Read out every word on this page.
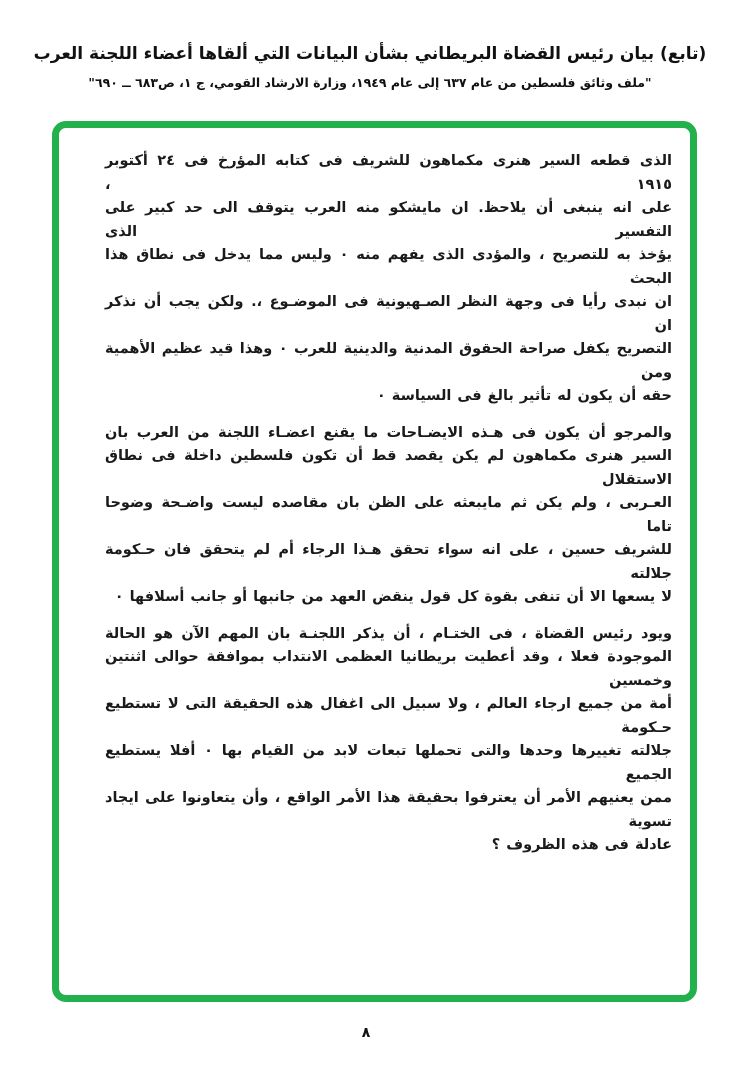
(تابع) بيان رئيس القضاة البريطاني بشأن البيانات التي ألقاها أعضاء اللجنة العرب
"ملف وثائق فلسطين من عام ٦٣٧ إلى عام ١٩٤٩، وزارة الارشاد القومي، ج ١، ص٦٨٣ ــ ٦٩٠"
الذى قطعه السير هنرى مكماهون للشريف فى كتابه المؤرخ فى ٢٤ أكتوبر ١٩١٥ ،
على انه ينبغى أن يلاحظ. ان مايشكو منه العرب يتوقف الى حد كبير على التفسير الذى
يؤخذ به للتصريح ، والمؤدى الذى يفهم منه ٠ وليس مما يدخل فى نطاق هذا البحث
ان نبدى رأيا فى وجهة النظر الصـهيونية فى الموضـوع ،. ولكن يجب أن نذكر ان
التصريح يكفل صراحة الحقوق المدنية والدينية للعرب ٠ وهذا قيد عظيم الأهمية ومن
حقه أن يكون له تأثير بالغ فى السياسة ٠
والمرجو أن يكون فى هـذه الايضـاحات ما يقنع اعضـاء اللجنة من العرب بان
السير هنرى مكماهون لم يكن يقصد قط أن تكون فلسطين داخلة فى نطاق الاستقلال
العـربى ، ولم يكن ثم مايبعثه على الظن بان مقاصده ليست واضـحة وضوحا تاما
للشريف حسين ، على انه سواء تحقق هـذا الرجاء أم لم يتحقق فان حـكومة جلالته
لا يسعها الا أن تنفى بقوة كل قول ينقض العهد من جانبها أو جانب أسلافها ٠
ويود رئيس القضاة ، فى الختـام ، أن يذكر اللجنـة بان المهم الآن هو الحالة
الموجودة فعلا ، وقد أعطيت بريطانيا العظمى الانتداب بموافقة حوالى اثنتين وخمسين
أمة من جميع ارجاء العالم ، ولا سبيل الى اغفال هذه الحقيقة التى لا تستطيع حـكومة
جلالته تغييرها وحدها والتى تحملها تبعات لابد من القيام بها ٠ أفلا يستطيع الجميع
ممن يعنيهم الأمر أن يعترفوا بحقيقة هذا الأمر الواقع ، وأن يتعاونوا على ايجاد تسوية
عادلة فى هذه الظروف ؟
٨
